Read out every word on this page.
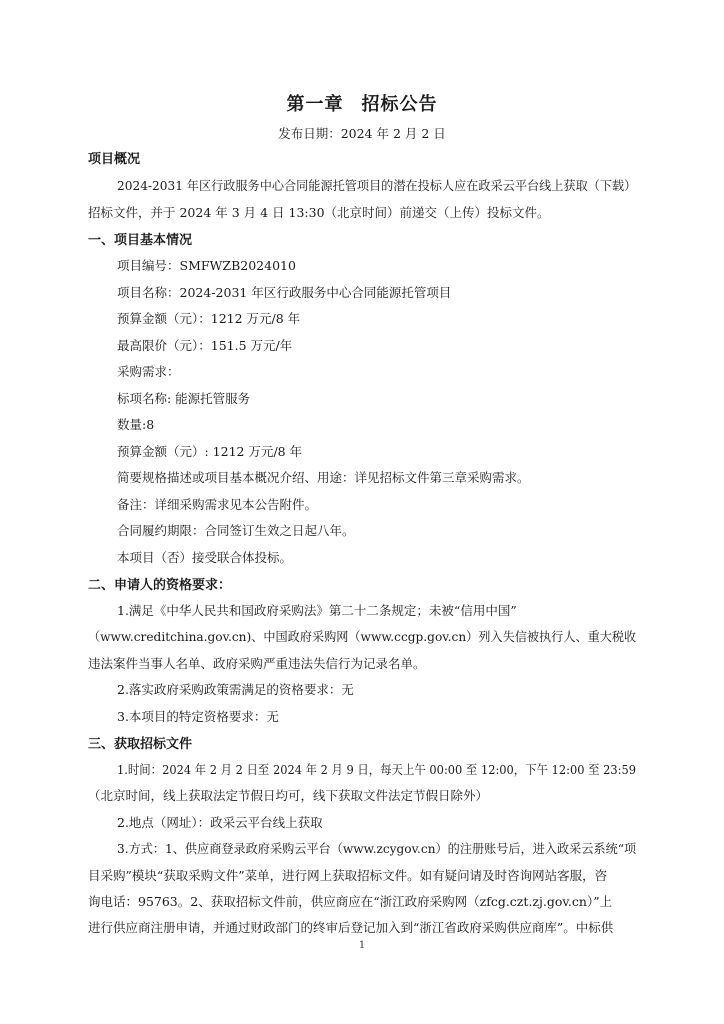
第一章 招标公告
发布日期：2024 年 2 月 2 日
项目概况
2024-2031 年区行政服务中心合同能源托管项目的潜在投标人应在政采云平台线上获取（下载）
招标文件，并于 2024 年 3 月 4 日 13:30（北京时间）前递交（上传）投标文件。
一、项目基本情况
项目编号：SMFWZB2024010
项目名称：2024-2031 年区行政服务中心合同能源托管项目
预算金额（元）：1212 万元/8 年
最高限价（元）：151.5 万元/年
采购需求：
标项名称: 能源托管服务
数量:8
预算金额（元）: 1212 万元/8 年
简要规格描述或项目基本概况介绍、用途：详见招标文件第三章采购需求。
备注：详细采购需求见本公告附件。
合同履约期限：合同签订生效之日起八年。
本项目（否）接受联合体投标。
二、申请人的资格要求：
1.满足《中华人民共和国政府采购法》第二十二条规定；未被“信用中国”
（www.creditchina.gov.cn)、中国政府采购网（www.ccgp.gov.cn）列入失信被执行人、重大税收
违法案件当事人名单、政府采购严重违法失信行为记录名单。
2.落实政府采购政策需满足的资格要求：无
3.本项目的特定资格要求：无
三、获取招标文件
1.时间：2024 年 2 月 2 日至 2024 年 2 月 9 日，每天上午 00:00 至 12:00，下午 12:00 至 23:59
（北京时间，线上获取法定节假日均可，线下获取文件法定节假日除外）
2.地点（网址）：政采云平台线上获取
3.方式：1、供应商登录政府采购云平台（www.zcygov.cn）的注册账号后，进入政采云系统“项
目采购”模块“获取采购文件”菜单，进行网上获取招标文件。如有疑问请及时咨询网站客服，咨
询电话：95763。2、获取招标文件前，供应商应在“浙江政府采购网（zfcg.czt.zj.gov.cn）”上
进行供应商注册申请，并通过财政部门的终审后登记加入到“浙江省政府采购供应商库”。中标供
1
